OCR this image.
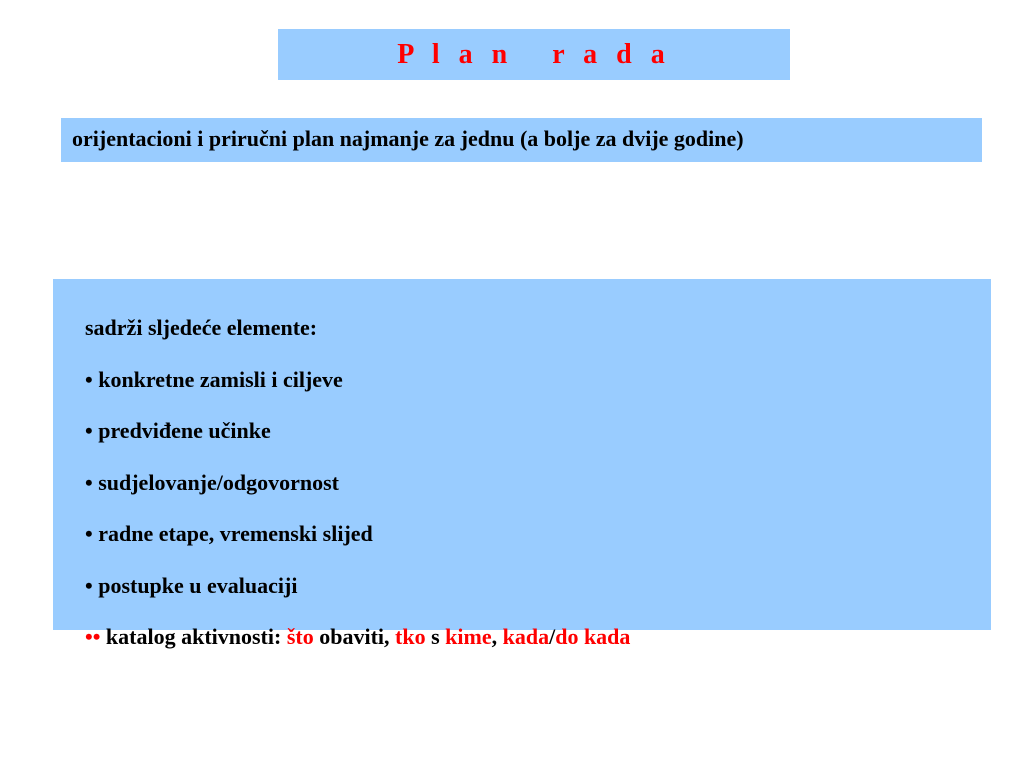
P l a n   r a d a
orijentacioni i priručni plan najmanje za jednu (a bolje za dvije godine)

sadrži sljedeće elemente:

• konkretne zamisli i ciljeve

• predviđene učinke

• sudjelovanje/odgovornost

• radne etape, vremenski slijed

• postupke u evaluaciji

•• katalog aktivnosti: što obaviti, tko s kime, kada/do kada
